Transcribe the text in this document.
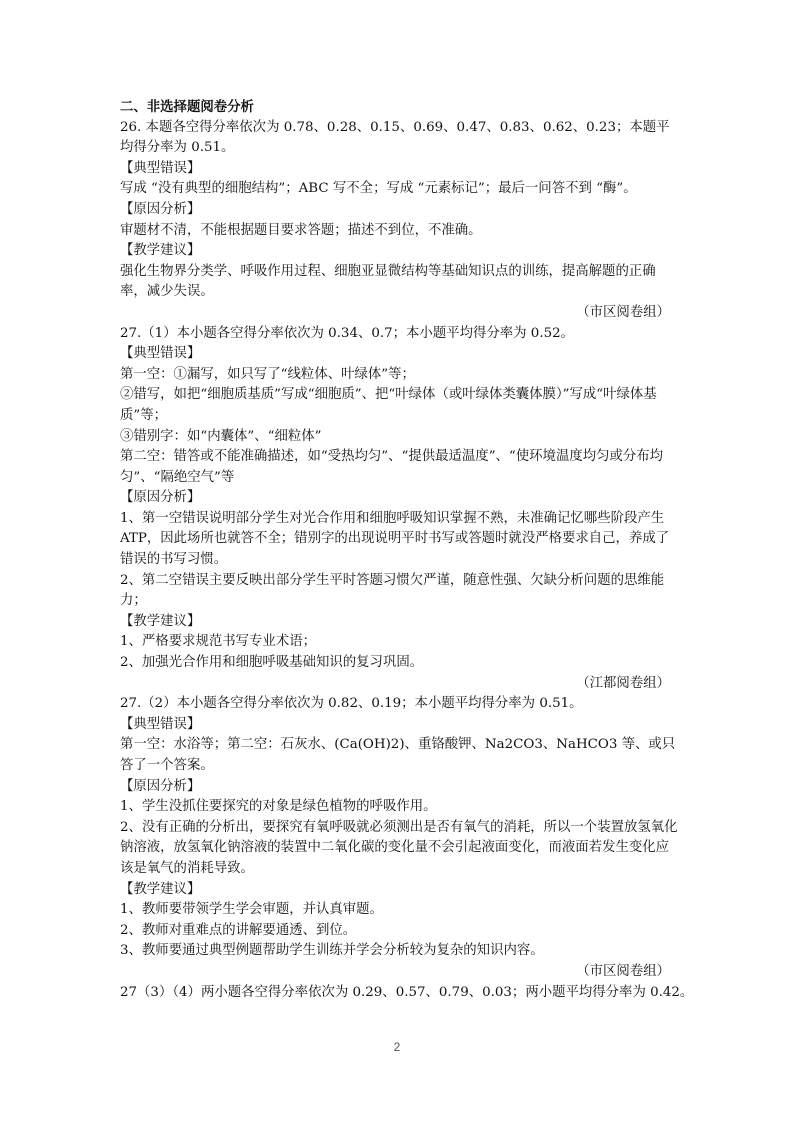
二、非选择题阅卷分析
26. 本题各空得分率依次为 0.78、0.28、0.15、0.69、0.47、0.83、0.62、0.23；本题平均得分率为 0.51。
【典型错误】
写成 “没有典型的细胞结构”；ABC 写不全；写成 “元素标记”；最后一问答不到 “酶”。
【原因分析】
审题材不清，不能根据题目要求答题；描述不到位，不准确。
【教学建议】
强化生物界分类学、呼吸作用过程、细胞亚显微结构等基础知识点的训练，提高解题的正确率，减少失误。
（市区阅卷组）
27.（1）本小题各空得分率依次为 0.34、0.7；本小题平均得分率为 0.52。
【典型错误】
第一空：①漏写，如只写了“线粒体、叶绿体”等；
②错写，如把“细胞质基质”写成“细胞质”、把“叶绿体（或叶绿体类囊体膜）”写成“叶绿体基质”等；
③错别字：如“内囊体”、“细粒体”
第二空：错答或不能准确描述，如“受热均匀”、“提供最适温度”、“使环境温度均匀或分布均匀”、“隔绝空气”等
【原因分析】
1、第一空错误说明部分学生对光合作用和细胞呼吸知识掌握不熟，未准确记忆哪些阶段产生 ATP，因此场所也就答不全；错别字的出现说明平时书写或答题时就没严格要求自己，养成了错误的书写习惯。
2、第二空错误主要反映出部分学生平时答题习惯欠严谨，随意性强、欠缺分析问题的思维能力；
【教学建议】
1、严格要求规范书写专业术语；
2、加强光合作用和细胞呼吸基础知识的复习巩固。
（江都阅卷组）
27.（2）本小题各空得分率依次为 0.82、0.19；本小题平均得分率为 0.51。
【典型错误】
第一空：水浴等；第二空：石灰水、(Ca(OH)2)、重铬酸钾、Na2CO3、NaHCO3 等、或只答了一个答案。
【原因分析】
1、学生没抓住要探究的对象是绿色植物的呼吸作用。
2、没有正确的分析出，要探究有氧呼吸就必须测出是否有氧气的消耗，所以一个装置放氢氧化钠溶液，放氢氧化钠溶液的装置中二氧化碳的变化量不会引起液面变化，而液面若发生变化应该是氧气的消耗导致。
【教学建议】
1、教师要带领学生学会审题，并认真审题。
2、教师对重难点的讲解要通透、到位。
3、教师要通过典型例题帮助学生训练并学会分析较为复杂的知识内容。
（市区阅卷组）
27（3）（4）两小题各空得分率依次为 0.29、0.57、0.79、0.03；两小题平均得分率为 0.42。
2
